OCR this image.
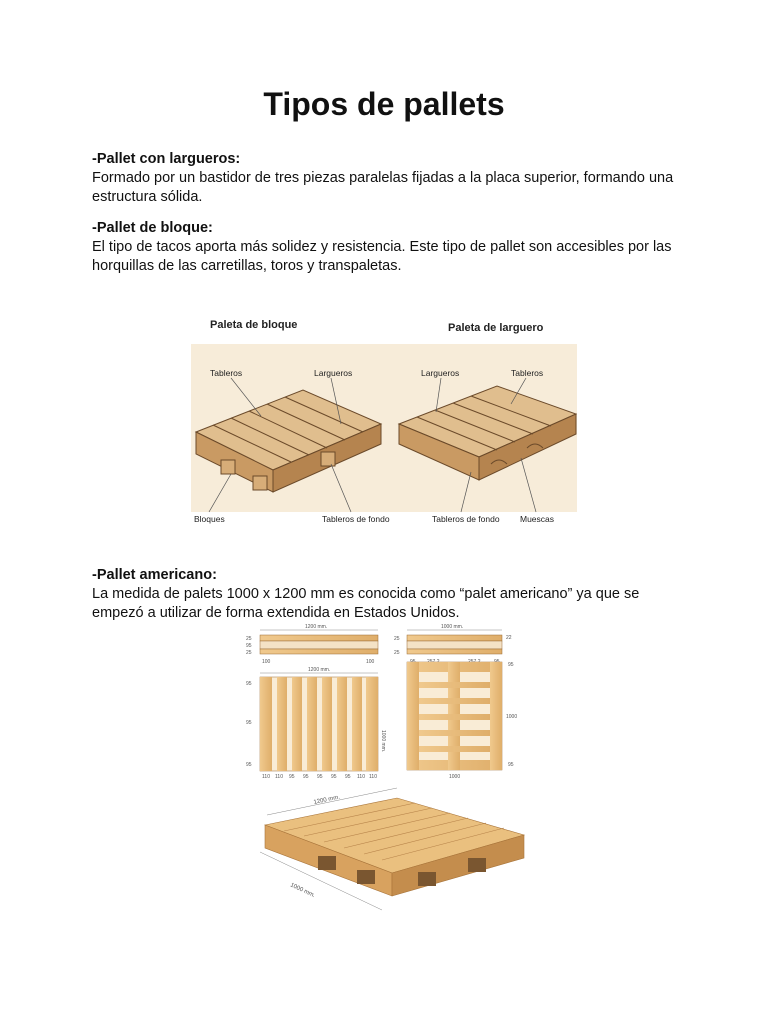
Tipos de pallets
-Pallet con largueros:

Formado por un bastidor de tres piezas paralelas fijadas a la placa superior, formando una estructura sólida.

-Pallet de bloque:

El tipo de tacos aporta más solidez y resistencia. Este tipo de pallet son accesibles por las horquillas de las carretillas, toros y transpaletas.

Paleta de bloque	Paleta de larguero
Tableros	Largueros	Largueros	Tableros
Bloques	Tableros de fondo	Tableros de fondo Muescas
-Pallet americano:

La medida de palets 1000 x 1200 mm es conocida como “palet americano” ya que se empezó a utilizar de forma extendida en Estados Unidos.

1200 mm.
25
95
25
100	100
1200 mm.
95
95
95
1000 mm.
110 110 95 95 95 95 95 110 110
1000 mm.
22
25
25
95
1000
95
1000
1200 mm.
1000 mm.
